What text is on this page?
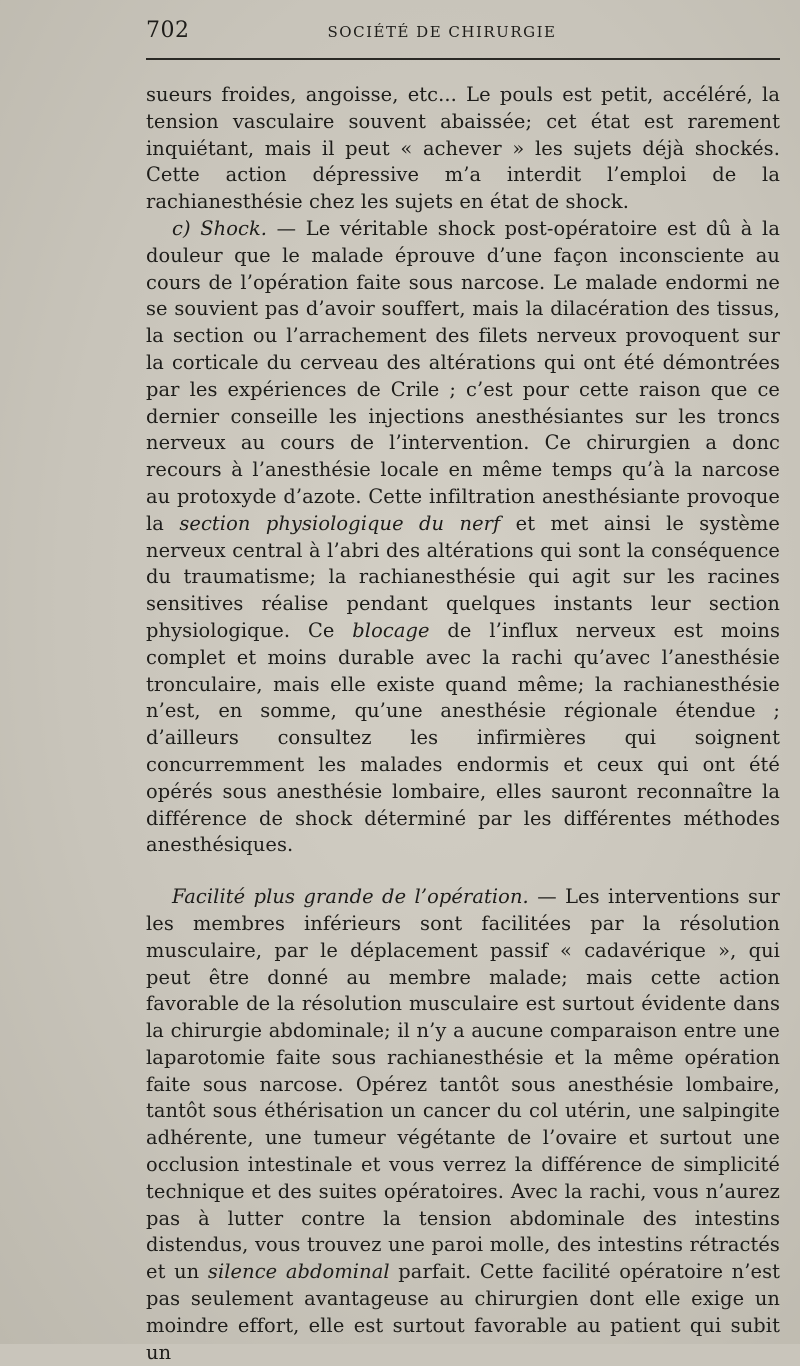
702	SOCIÉTÉ DE CHIRURGIE

sueurs froides, angoisse, etc... Le pouls est petit, accéléré, la tension vasculaire souvent abaissée; cet état est rarement inquiétant, mais il peut « achever » les sujets déjà shockés. Cette action dépressive m’a interdit l’emploi de la rachianesthésie chez les sujets en état de shock.

c) Shock. — Le véritable shock post-opératoire est dû à la douleur que le malade éprouve d’une façon inconsciente au cours de l’opération faite sous narcose. Le malade endormi ne se souvient pas d’avoir souffert, mais la dilacération des tissus, la section ou l’arrachement des filets nerveux provoquent sur la corticale du cerveau des altérations qui ont été démontrées par les expériences de Crile ; c’est pour cette raison que ce dernier conseille les injections anesthésiantes sur les troncs nerveux au cours de l’intervention. Ce chirurgien a donc recours à l’anesthésie locale en même temps qu’à la narcose au protoxyde d’azote. Cette infiltration anesthésiante provoque la section physiologique du nerf et met ainsi le système nerveux central à l’abri des altérations qui sont la conséquence du traumatisme; la rachianesthésie qui agit sur les racines sensitives réalise pendant quelques instants leur section physiologique. Ce blocage de l’influx nerveux est moins complet et moins durable avec la rachi qu’avec l’anesthésie tronculaire, mais elle existe quand même; la rachianesthésie n’est, en somme, qu’une anesthésie régionale étendue ; d’ailleurs consultez les infirmières qui soignent concurremment les malades endormis et ceux qui ont été opérés sous anesthésie lombaire, elles sauront reconnaître la différence de shock déterminé par les différentes méthodes anesthésiques.

Facilité plus grande de l’opération. — Les interventions sur les membres inférieurs sont facilitées par la résolution musculaire, par le déplacement passif « cadavérique », qui peut être donné au membre malade; mais cette action favorable de la résolution musculaire est surtout évidente dans la chirurgie abdominale; il n’y a aucune comparaison entre une laparotomie faite sous rachianesthésie et la même opération faite sous narcose. Opérez tantôt sous anesthésie lombaire, tantôt sous éthérisation un cancer du col utérin, une salpingite adhérente, une tumeur végétante de l’ovaire et surtout une occlusion intestinale et vous verrez la différence de simplicité technique et des suites opératoires. Avec la rachi, vous n’aurez pas à lutter contre la tension abdominale des intestins distendus, vous trouvez une paroi molle, des intestins rétractés et un silence abdominal parfait. Cette facilité opératoire n’est pas seulement avantageuse au chirurgien dont elle exige un moindre effort, elle est surtout favorable au patient qui subit un
